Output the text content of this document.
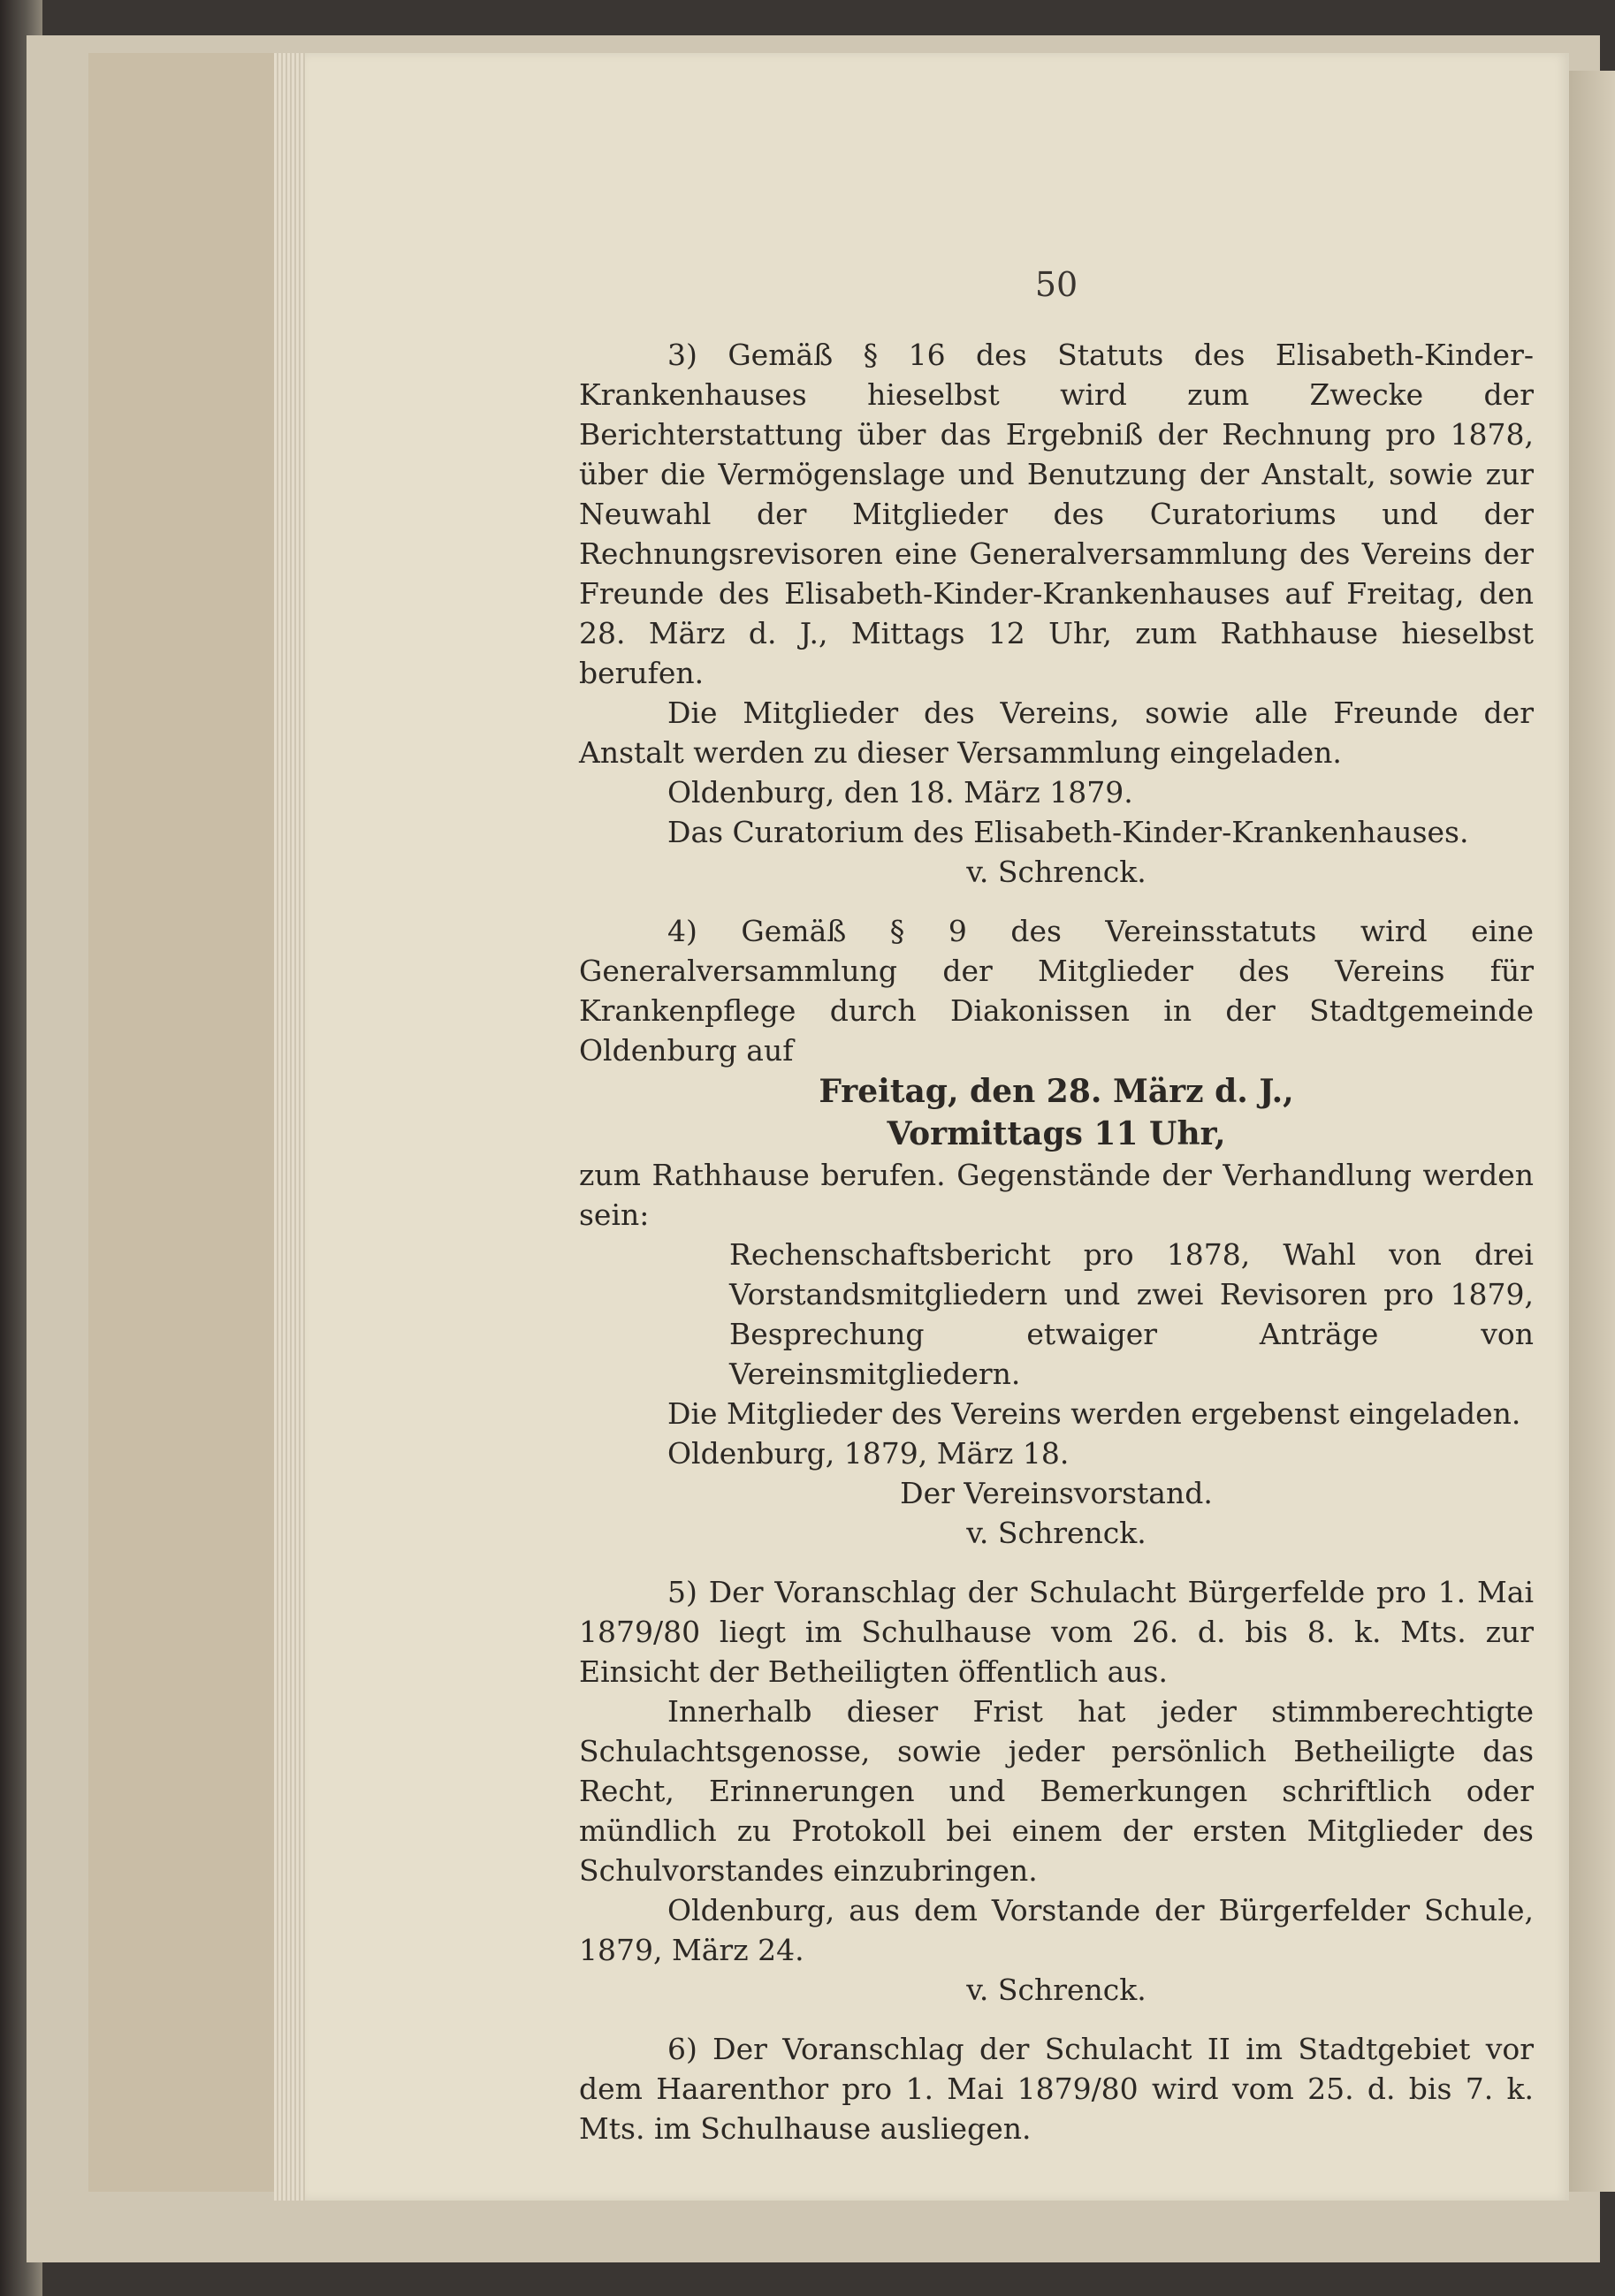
50

3) Gemäß § 16 des Statuts des Elisabeth-Kinder-Krankenhauses hieselbst wird zum Zwecke der Berichterstattung über das Ergebniß der Rechnung pro 1878, über die Vermögenslage und Benutzung der Anstalt, sowie zur Neuwahl der Mitglieder des Curatoriums und der Rechnungsrevisoren eine Generalversammlung des Vereins der Freunde des Elisabeth-Kinder-Krankenhauses auf Freitag, den 28. März d. J., Mittags 12 Uhr, zum Rathhause hieselbst berufen.

Die Mitglieder des Vereins, sowie alle Freunde der Anstalt werden zu dieser Versammlung eingeladen.

Oldenburg, den 18. März 1879.

Das Curatorium des Elisabeth-Kinder-Krankenhauses.

v. Schrenck.

4) Gemäß § 9 des Vereinsstatuts wird eine Generalversammlung der Mitglieder des Vereins für Krankenpflege durch Diakonissen in der Stadtgemeinde Oldenburg auf

Freitag, den 28. März d. J.,

Vormittags 11 Uhr,

zum Rathhause berufen. Gegenstände der Verhandlung werden sein:

Rechenschaftsbericht pro 1878, Wahl von drei Vorstandsmitgliedern und zwei Revisoren pro 1879, Besprechung etwaiger Anträge von Vereinsmitgliedern.

Die Mitglieder des Vereins werden ergebenst eingeladen.

Oldenburg, 1879, März 18.

Der Vereinsvorstand.

v. Schrenck.

5) Der Voranschlag der Schulacht Bürgerfelde pro 1. Mai 1879/80 liegt im Schulhause vom 26. d. bis 8. k. Mts. zur Einsicht der Betheiligten öffentlich aus.

Innerhalb dieser Frist hat jeder stimmberechtigte Schulachtsgenosse, sowie jeder persönlich Betheiligte das Recht, Erinnerungen und Bemerkungen schriftlich oder mündlich zu Protokoll bei einem der ersten Mitglieder des Schulvorstandes einzubringen.

Oldenburg, aus dem Vorstande der Bürgerfelder Schule, 1879, März 24.

v. Schrenck.

6) Der Voranschlag der Schulacht II im Stadtgebiet vor dem Haarenthor pro 1. Mai 1879/80 wird vom 25. d. bis 7. k. Mts. im Schulhause ausliegen.
